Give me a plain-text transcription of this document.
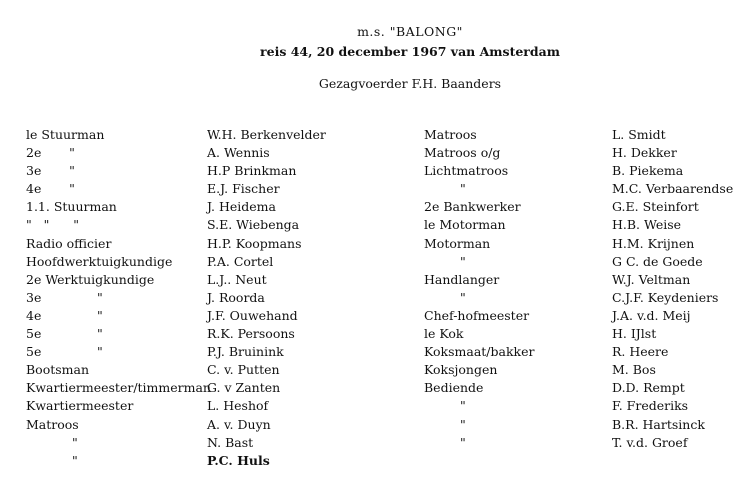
m.s. "BALONG"
reis 44, 20 december 1967 van Amsterdam
Gezagvoerder F.H. Baanders
le Stuurman
2e       "
3e       "
4e       "
1.1. Stuurman
"   "      "
Radio officier
Hoofdwerktuigkundige
2e Werktuigkundige
3e              "
4e              "
5e              "
5e              "
Bootsman
Kwartiermeester/timmerman
Kwartiermeester
Matroos
"
"
W.H. Berkenvelder
A. Wennis
H.P Brinkman
E.J. Fischer
J. Heidema
S.E. Wiebenga
H.P. Koopmans
P.A. Cortel
L.J.. Neut
J. Roorda
J.F. Ouwehand
R.K. Persoons
P.J. Bruinink
C. v. Putten
G. v Zanten
L. Heshof
A. v. Duyn
N. Bast
P.C. Huls
Matroos
Matroos o/g
Lichtmatroos
"
2e Bankwerker
le Motorman
Motorman
"
Handlanger
"
Chef-hofmeester
le Kok
Koksmaat/bakker
Koksjongen
Bediende
"
"
"
L. Smidt
H. Dekker
B. Piekema
M.C. Verbaarendse
G.E. Steinfort
H.B. Weise
H.M. Krijnen
G C. de Goede
W.J. Veltman
C.J.F. Keydeniers
J.A. v.d. Meij
H. IJlst
R. Heere
M. Bos
D.D. Rempt
F. Frederiks
B.R. Hartsinck
T. v.d. Groef
